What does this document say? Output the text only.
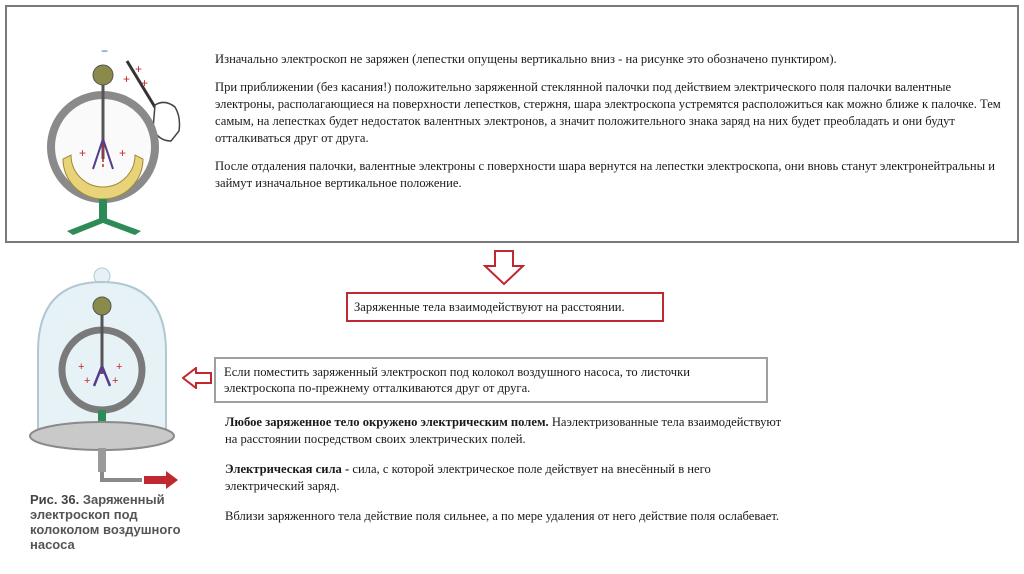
+
+
+
−
+	+

Изначально электроскоп не заряжен (лепестки опущены вертикально вниз - на рисунке это обозначено пунктиром).

При приближении (без касания!) положительно заряженной стеклянной палочки под действием электрического поля палочки валентные электроны, располагающиеся на поверхности лепестков, стержня, шара электроскопа устремятся расположиться как можно ближе к палочке. Тем самым, на лепестках будет недостаток валентных электронов, а значит положительного знака заряд на них будет преобладать и они будут отталкиваться друг от друга.

После отдаления палочки, валентные электроны с поверхности шара вернутся на лепестки электроскопа, они вновь станут электронейтральны и займут изначальное вертикальное положение.

Заряженные тела взаимодействуют на расстоянии.
+	+
+ +
Рис. 36. Заряженный электроскоп под колоколом воздушного насоса
Если поместить заряженный электроскоп под колокол воздушного насоса, то листочки электроскопа по-прежнему отталкиваются друг от друга.

Любое заряженное тело окружено электрическим полем. Наэлектризованные тела взаимодействуют на расстоянии посредством своих электрических полей.

Электрическая сила - сила, с которой электрическое поле действует на внесённый в него электрический заряд.

Вблизи заряженного тела действие поля сильнее, а по мере удаления от него действие поля ослабевает.
